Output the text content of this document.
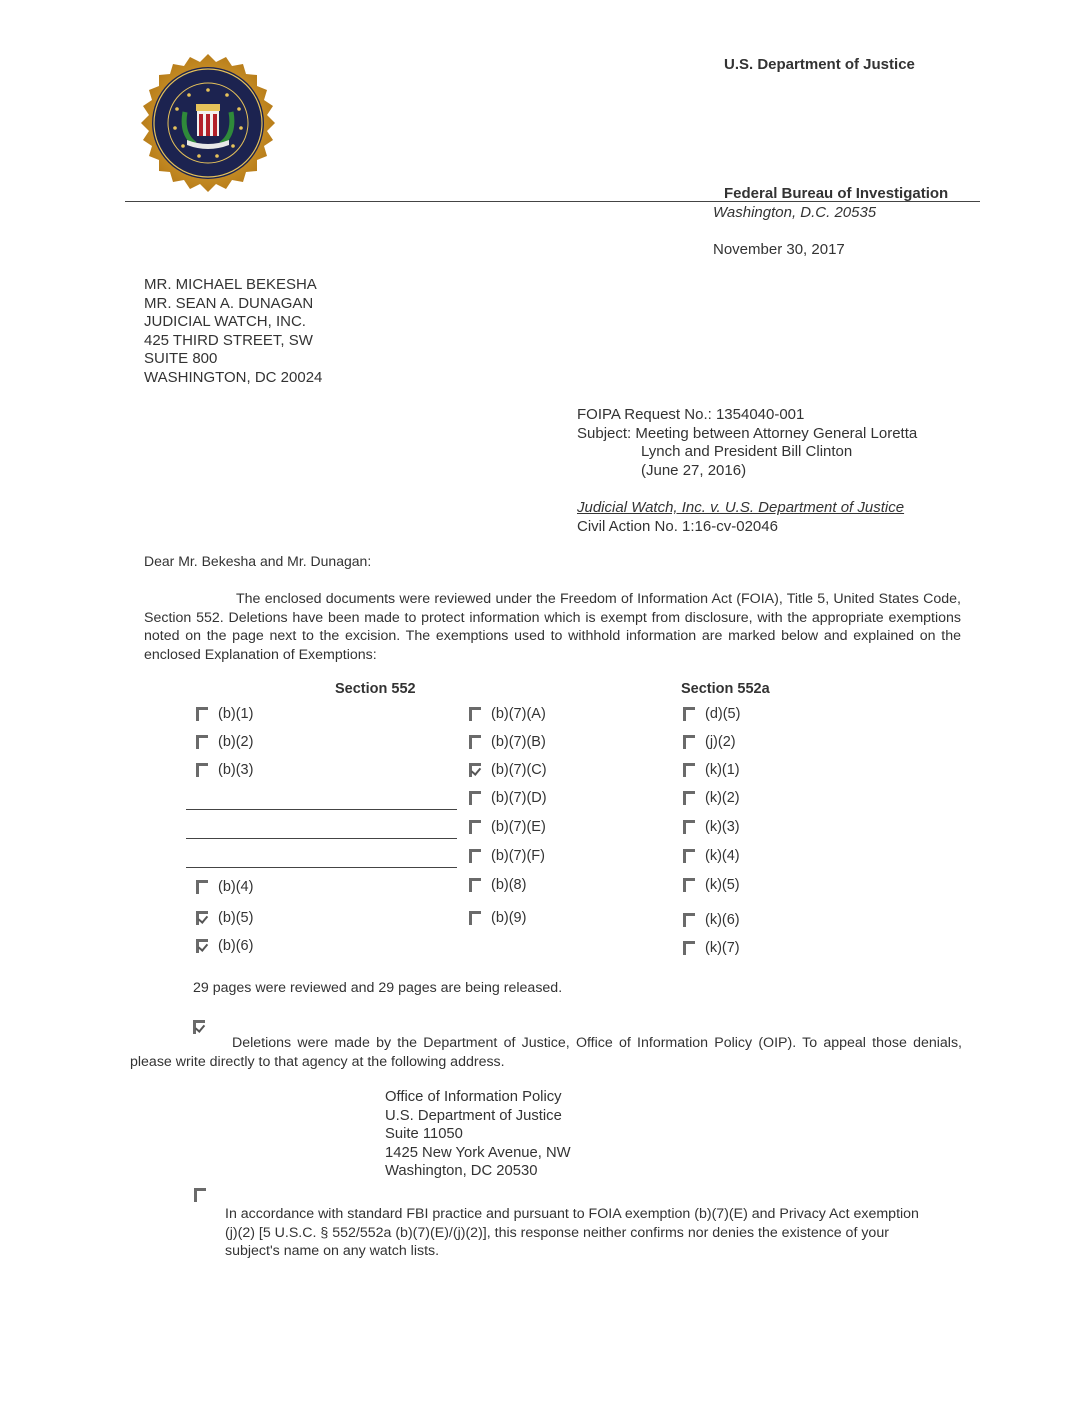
U.S. Department of Justice
Federal Bureau of Investigation
Washington, D.C. 20535
November 30, 2017
MR. MICHAEL BEKESHA
MR. SEAN A. DUNAGAN
JUDICIAL WATCH, INC.
425 THIRD STREET, SW
SUITE 800
WASHINGTON, DC 20024
FOIPA Request No.: 1354040-001
Subject: Meeting between Attorney General Loretta
Lynch and President Bill Clinton
(June 27, 2016)
Judicial Watch, Inc. v. U.S. Department of Justice
Civil Action No. 1:16-cv-02046
Dear Mr. Bekesha and Mr. Dunagan:
The enclosed documents were reviewed under the Freedom of Information Act (FOIA), Title 5, United States Code, Section 552. Deletions have been made to protect information which is exempt from disclosure, with the appropriate exemptions noted on the page next to the excision. The exemptions used to withhold information are marked below and explained on the enclosed Explanation of Exemptions:
Section 552	Section 552a
(b)(1)
(b)(2)
(b)(3)
(b)(4)
(b)(5)
(b)(6)
(b)(7)(A)
(b)(7)(B)
(b)(7)(C)
(b)(7)(D)
(b)(7)(E)
(b)(7)(F)
(b)(8)
(b)(9)
(d)(5)
(j)(2)
(k)(1)
(k)(2)
(k)(3)
(k)(4)
(k)(5)
(k)(6)
(k)(7)
29 pages were reviewed and 29 pages are being released.
Deletions were made by the Department of Justice, Office of Information Policy (OIP). To appeal those denials, please write directly to that agency at the following address.
Office of Information Policy
U.S. Department of Justice
Suite 11050
1425 New York Avenue, NW
Washington, DC 20530
In accordance with standard FBI practice and pursuant to FOIA exemption (b)(7)(E) and Privacy Act exemption (j)(2) [5 U.S.C. § 552/552a (b)(7)(E)/(j)(2)], this response neither confirms nor denies the existence of your subject's name on any watch lists.
